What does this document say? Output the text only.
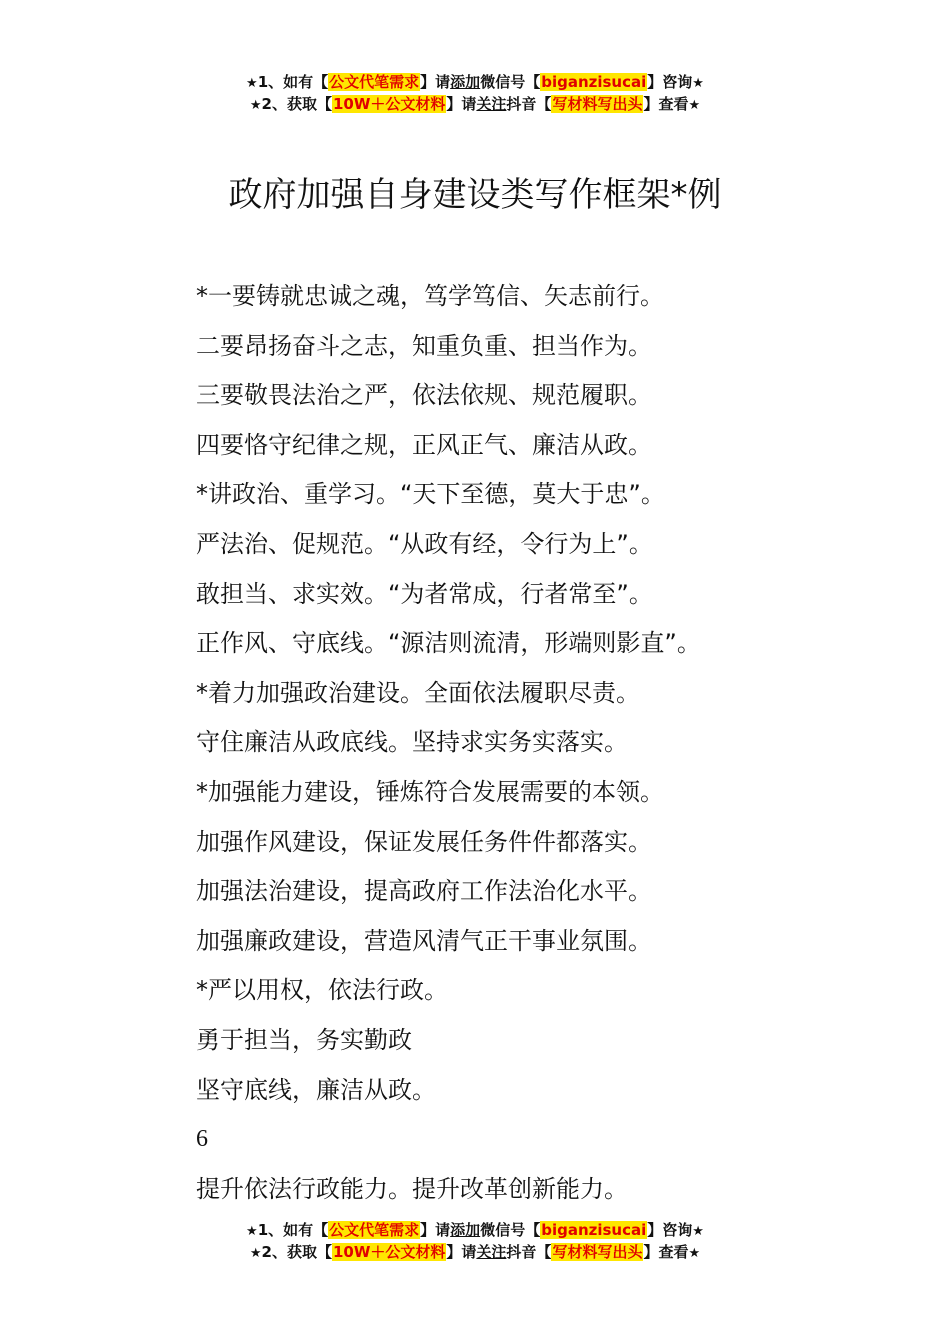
★1、如有【公文代笔需求】请添加微信号【biganzisucai】咨询★
★2、获取【10W＋公文材料】请关注抖音【写材料写出头】查看★
政府加强自身建设类写作框架*例
*一要铸就忠诚之魂，笃学笃信、矢志前行。
二要昂扬奋斗之志，知重负重、担当作为。
三要敬畏法治之严，依法依规、规范履职。
四要恪守纪律之规，正风正气、廉洁从政。
*讲政治、重学习。“天下至德，莫大于忠”。
严法治、促规范。“从政有经，令行为上”。
敢担当、求实效。“为者常成，行者常至”。
正作风、守底线。“源洁则流清，形端则影直”。
*着力加强政治建设。全面依法履职尽责。
守住廉洁从政底线。坚持求实务实落实。
*加强能力建设，锤炼符合发展需要的本领。
加强作风建设，保证发展任务件件都落实。
加强法治建设，提高政府工作法治化水平。
加强廉政建设，营造风清气正干事业氛围。
*严以用权，依法行政。
勇于担当，务实勤政
坚守底线，廉洁从政。
6
提升依法行政能力。提升改革创新能力。
★1、如有【公文代笔需求】请添加微信号【biganzisucai】咨询★
★2、获取【10W＋公文材料】请关注抖音【写材料写出头】查看★
